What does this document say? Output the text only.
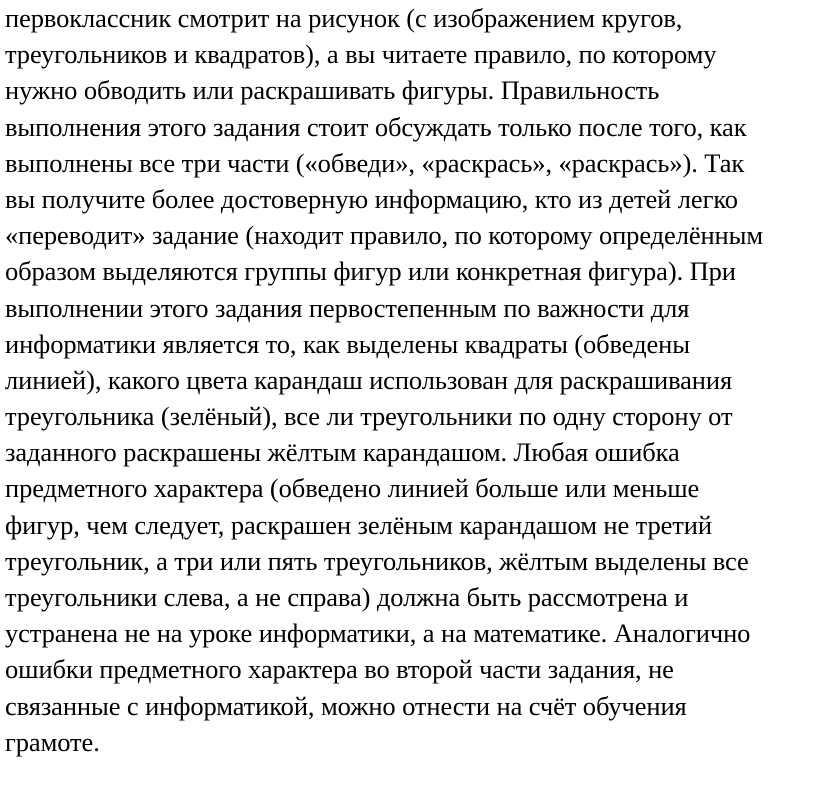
первоклассник смотрит на рисунок (с изображением кругов,
треугольников и квадратов), а вы читаете правило, по которому
нужно обводить или раскрашивать фигуры. Правильность
выполнения этого задания стоит обсуждать только после того, как
выполнены все три части («обведи», «раскрась», «раскрась»). Так
вы получите более достоверную информацию, кто из детей легко
«переводит» задание (находит правило, по которому определённым
образом выделяются группы фигур или конкретная фигура). При
выполнении этого задания первостепенным по важности для
информатики является то, как выделены квадраты (обведены
линией), какого цвета карандаш использован для раскрашивания
треугольника (зелёный), все ли треугольники по одну сторону от
заданного раскрашены жёлтым карандашом. Любая ошибка
предметного характера (обведено линией больше или меньше
фигур, чем следует, раскрашен зелёным карандашом не третий
треугольник, а три или пять треугольников, жёлтым выделены все
треугольники слева, а не справа) должна быть рассмотрена и
устранена не на уроке информатики, а на математике. Аналогично
ошибки предметного характера во второй части задания, не
связанные с информатикой, можно отнести на счёт обучения
грамоте.
